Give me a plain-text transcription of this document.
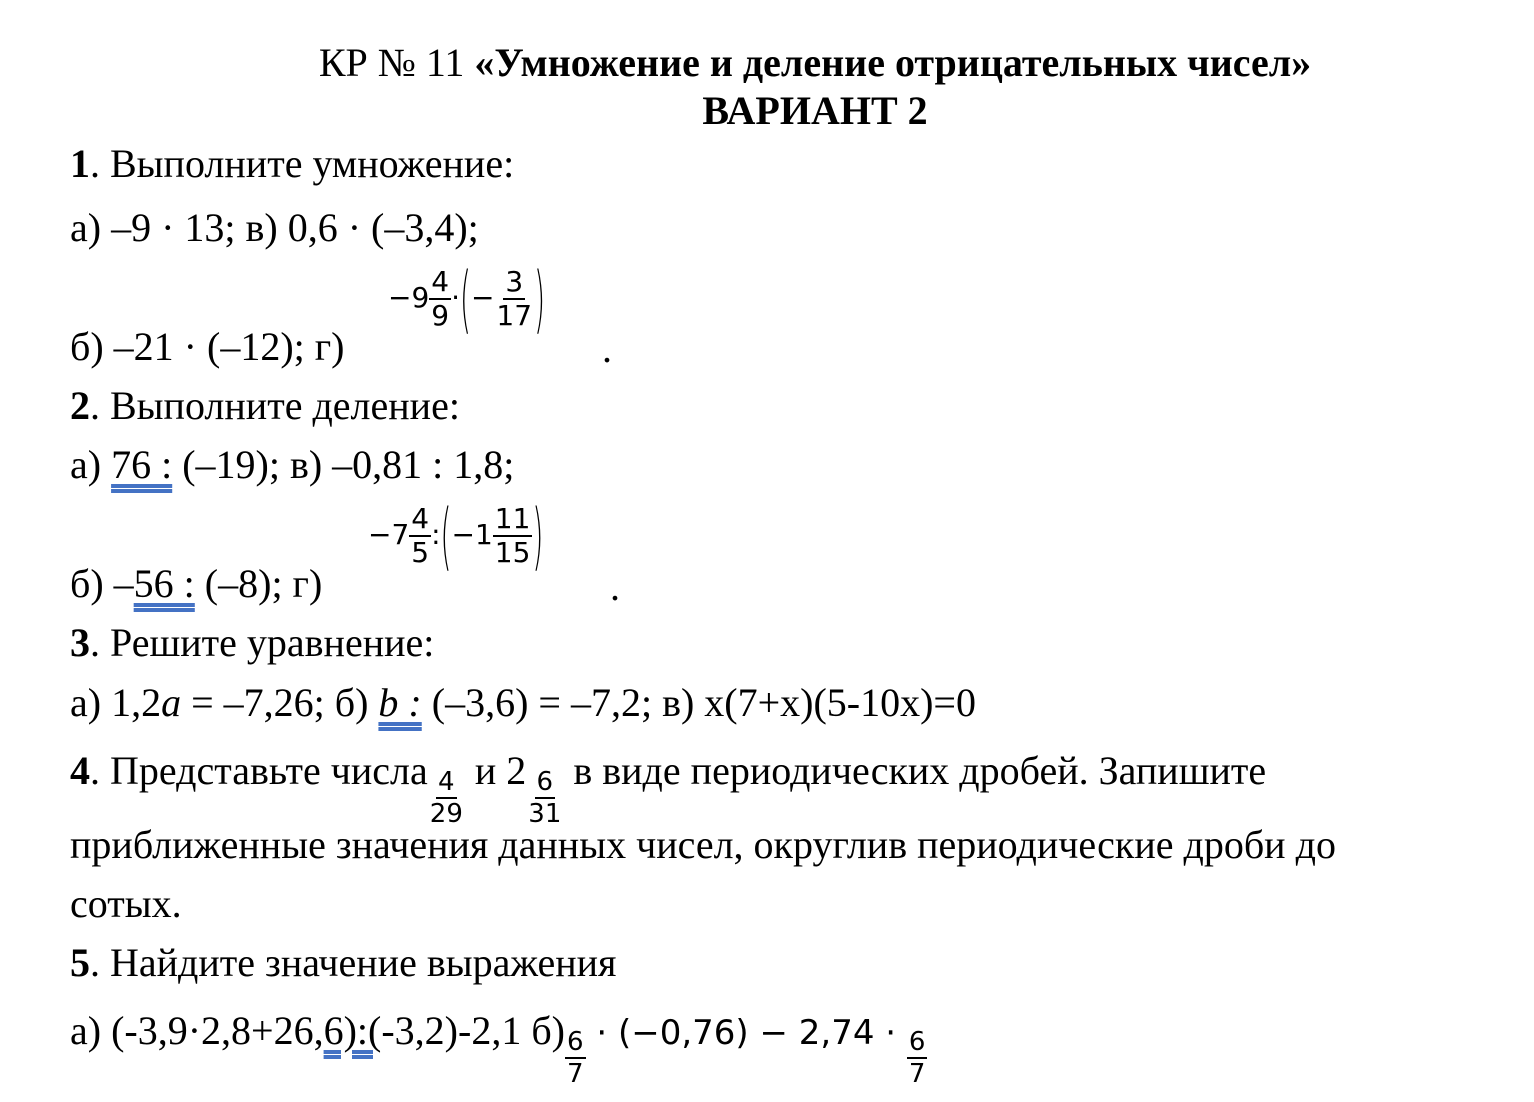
КР № 11 «Умножение и деление отрицательных чисел»
ВАРИАНТ 2
1. Выполните умножение:
а) –9 · 13; в) 0,6 · (–3,4);
б) –21 · (–12); г)
$-9 \frac{4}{9}$ ·(− $\frac{3}{17}$ )
.
2. Выполните деление:
а) 76 : (–19); в) –0,81 : 1,8;
б) –56 : (–8); г)
$-7 \frac{4}{5}$ :(−1 $\frac{11}{15}$ )
.
3. Решите уравнение:
а) 1,2a = –7,26; б) b : (–3,6) = –7,2; в) x(7+x)(5-10x)=0
4. Представьте числа $\frac{4}{29}$ и $2 \frac{6}{31}$ в виде периодических дробей. Запишите
приближенные значения данных чисел, округлив периодические дроби до
сотых.
5. Найдите значение выражения
а) (-3,9·2,8+26,6):(-3,2)-2,1 $б) \frac{6}{7} \cdot (-0,76) - 2,74 \cdot \frac{6}{7}$
